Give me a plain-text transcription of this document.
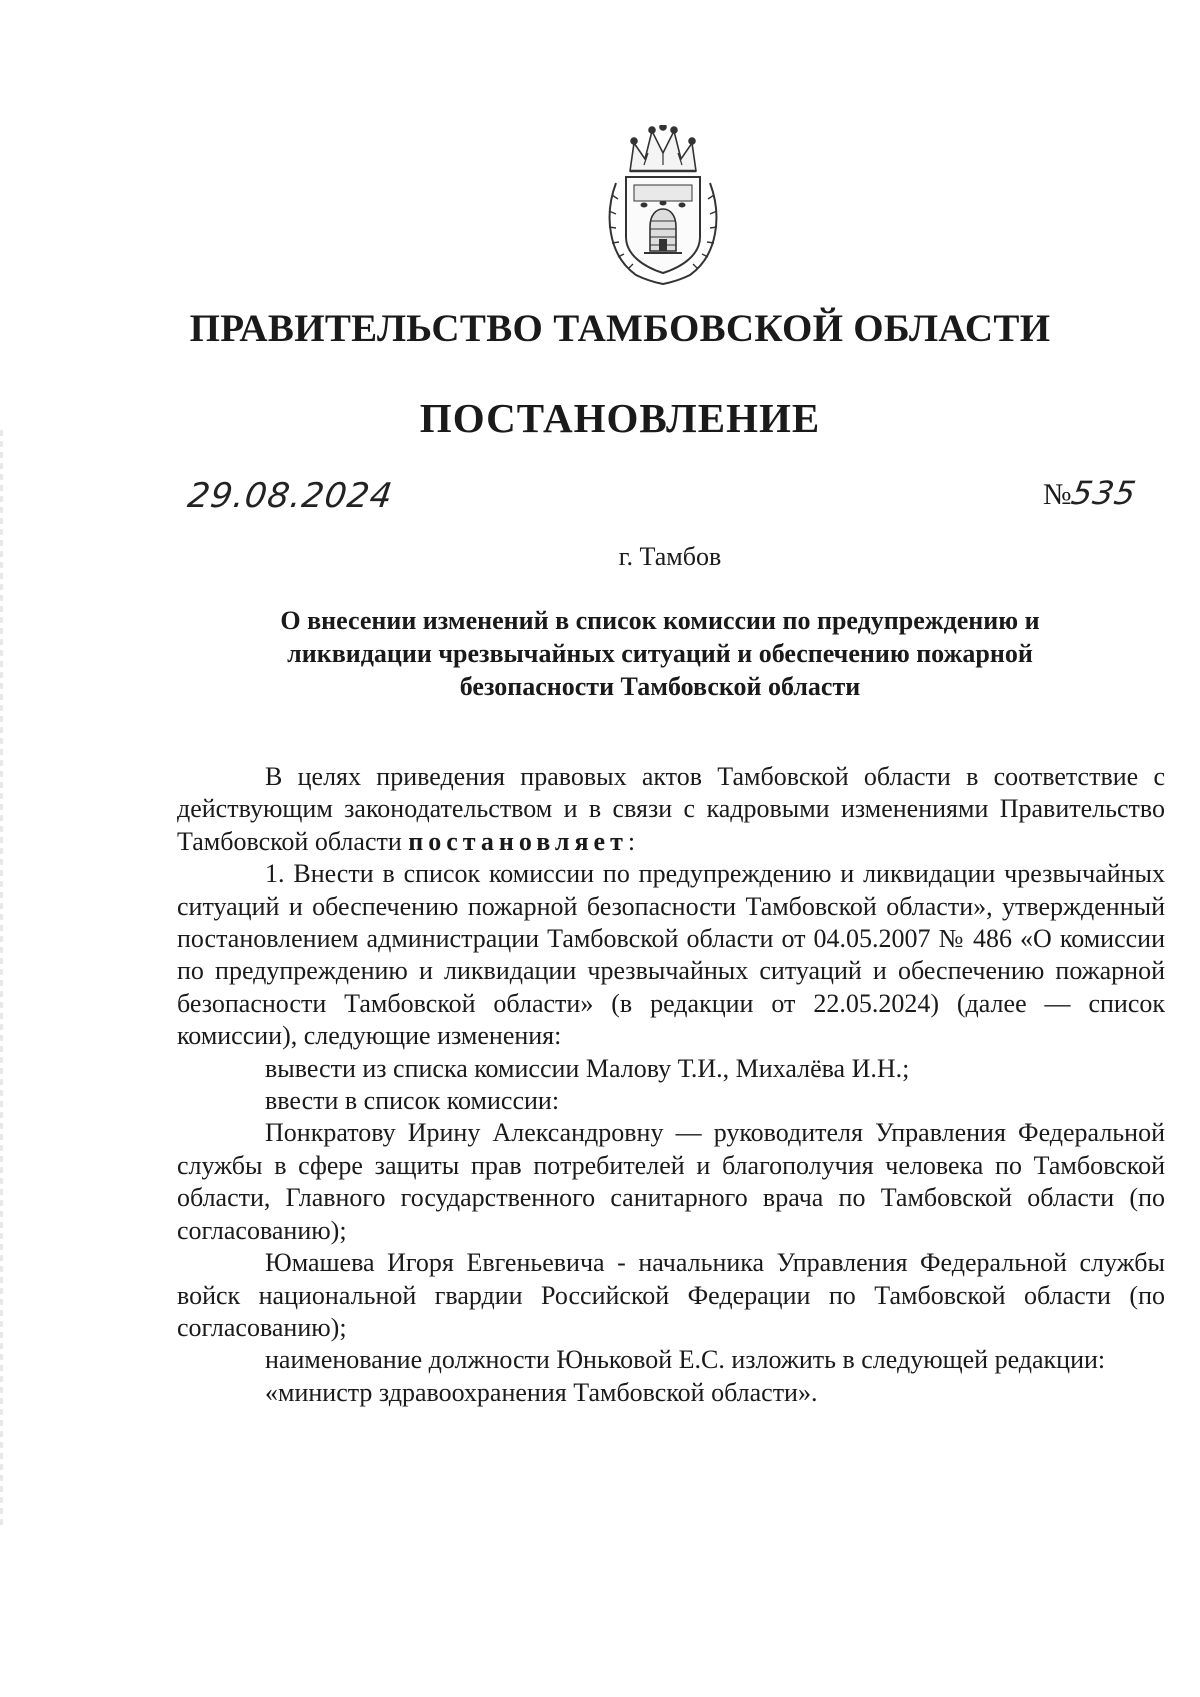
ПРАВИТЕЛЬСТВО ТАМБОВСКОЙ ОБЛАСТИ
ПОСТАНОВЛЕНИЕ
29.08.2024	№535
г. Тамбов
О внесении изменений в список комиссии по предупреждению и ликвидации чрезвычайных ситуаций и обеспечению пожарной безопасности Тамбовской области

В целях приведения правовых актов Тамбовской области в соответствие с действующим законодательством и в связи с кадровыми изменениями Правительство Тамбовской области постановляет:

1. Внести в список комиссии по предупреждению и ликвидации чрезвычайных ситуаций и обеспечению пожарной безопасности Тамбовской области», утвержденный постановлением администрации Тамбовской области от 04.05.2007 № 486 «О комиссии по предупреждению и ликвидации чрезвычайных ситуаций и обеспечению пожарной безопасности Тамбовской области» (в редакции от 22.05.2024) (далее — список комиссии), следующие изменения:

вывести из списка комиссии Малову Т.И., Михалёва И.Н.;

ввести в список комиссии:

Понкратову Ирину Александровну — руководителя Управления Федеральной службы в сфере защиты прав потребителей и благополучия человека по Тамбовской области, Главного государственного санитарного врача по Тамбовской области (по согласованию);

Юмашева Игоря Евгеньевича - начальника Управления Федеральной службы войск национальной гвардии Российской Федерации по Тамбовской области (по согласованию);

наименование должности Юньковой Е.С. изложить в следующей редакции:

«министр здравоохранения Тамбовской области».
